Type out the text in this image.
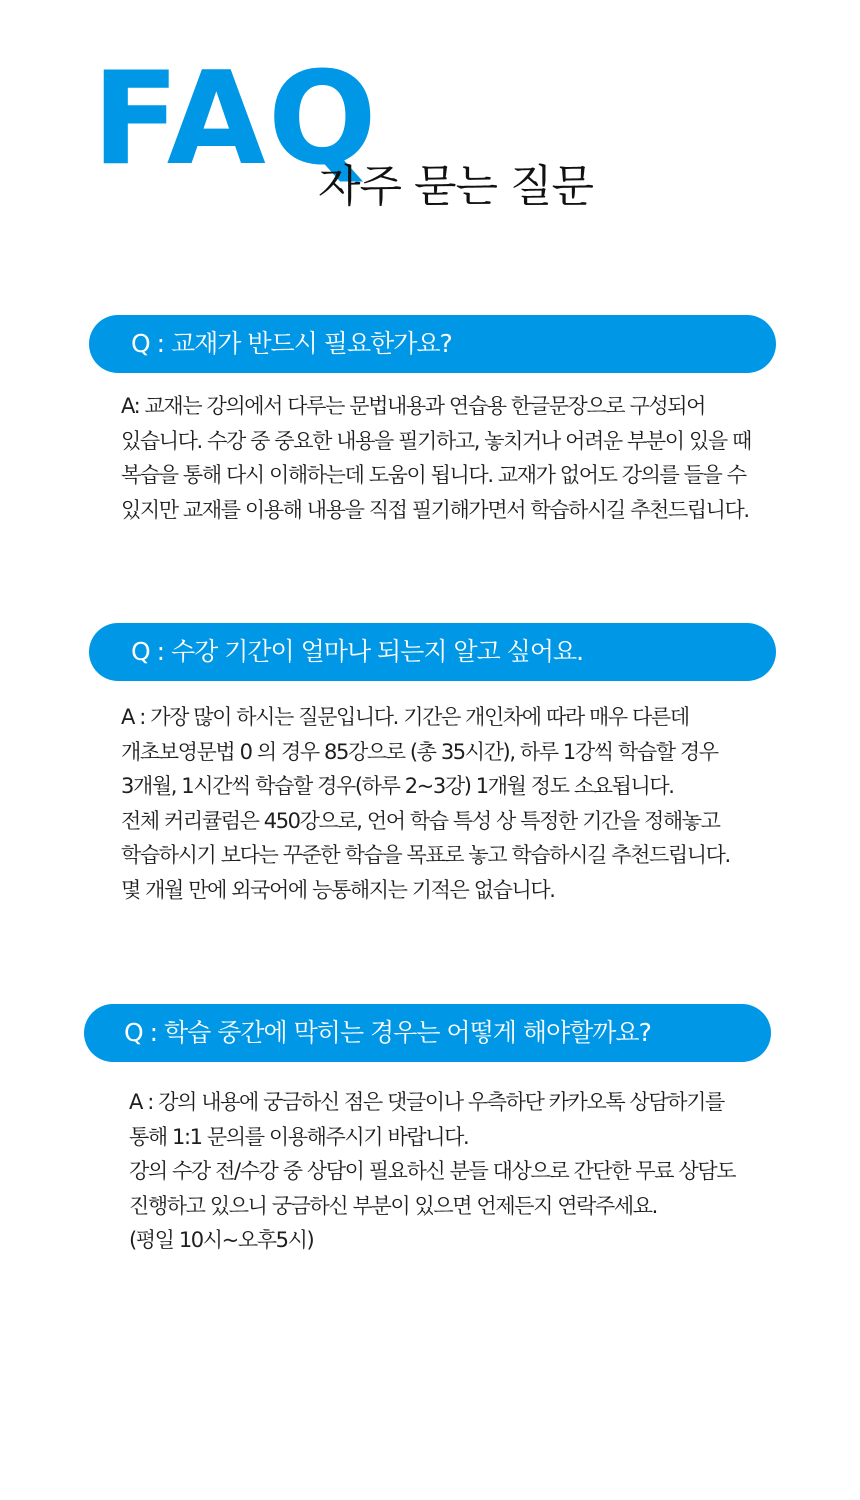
FAQ
자주 묻는 질문
Q : 교재가 반드시 필요한가요?
A: 교재는 강의에서 다루는 문법내용과 연습용 한글문장으로 구성되어
있습니다. 수강 중 중요한 내용을 필기하고, 놓치거나 어려운 부분이 있을 때
복습을 통해 다시 이해하는데 도움이 됩니다. 교재가 없어도 강의를 들을 수
있지만 교재를 이용해 내용을 직접 필기해가면서 학습하시길 추천드립니다.
Q : 수강 기간이 얼마나 되는지 알고 싶어요.
A : 가장 많이 하시는 질문입니다. 기간은 개인차에 따라 매우 다른데
개초보영문법 0 의 경우 85강으로 (총 35시간), 하루 1강씩 학습할 경우
3개월, 1시간씩 학습할 경우(하루 2~3강) 1개월 정도 소요됩니다.
전체 커리큘럼은 450강으로, 언어 학습 특성 상 특정한 기간을 정해놓고
학습하시기 보다는 꾸준한 학습을 목표로 놓고 학습하시길 추천드립니다.
몇 개월 만에 외국어에 능통해지는 기적은 없습니다.
Q : 학습 중간에 막히는 경우는 어떻게 해야할까요?
A : 강의 내용에 궁금하신 점은 댓글이나 우측하단 카카오톡 상담하기를
통해 1:1 문의를 이용해주시기 바랍니다.
강의 수강 전/수강 중 상담이 필요하신 분들 대상으로 간단한 무료 상담도
진행하고 있으니 궁금하신 부분이 있으면 언제든지 연락주세요.
(평일 10시~오후5시)
